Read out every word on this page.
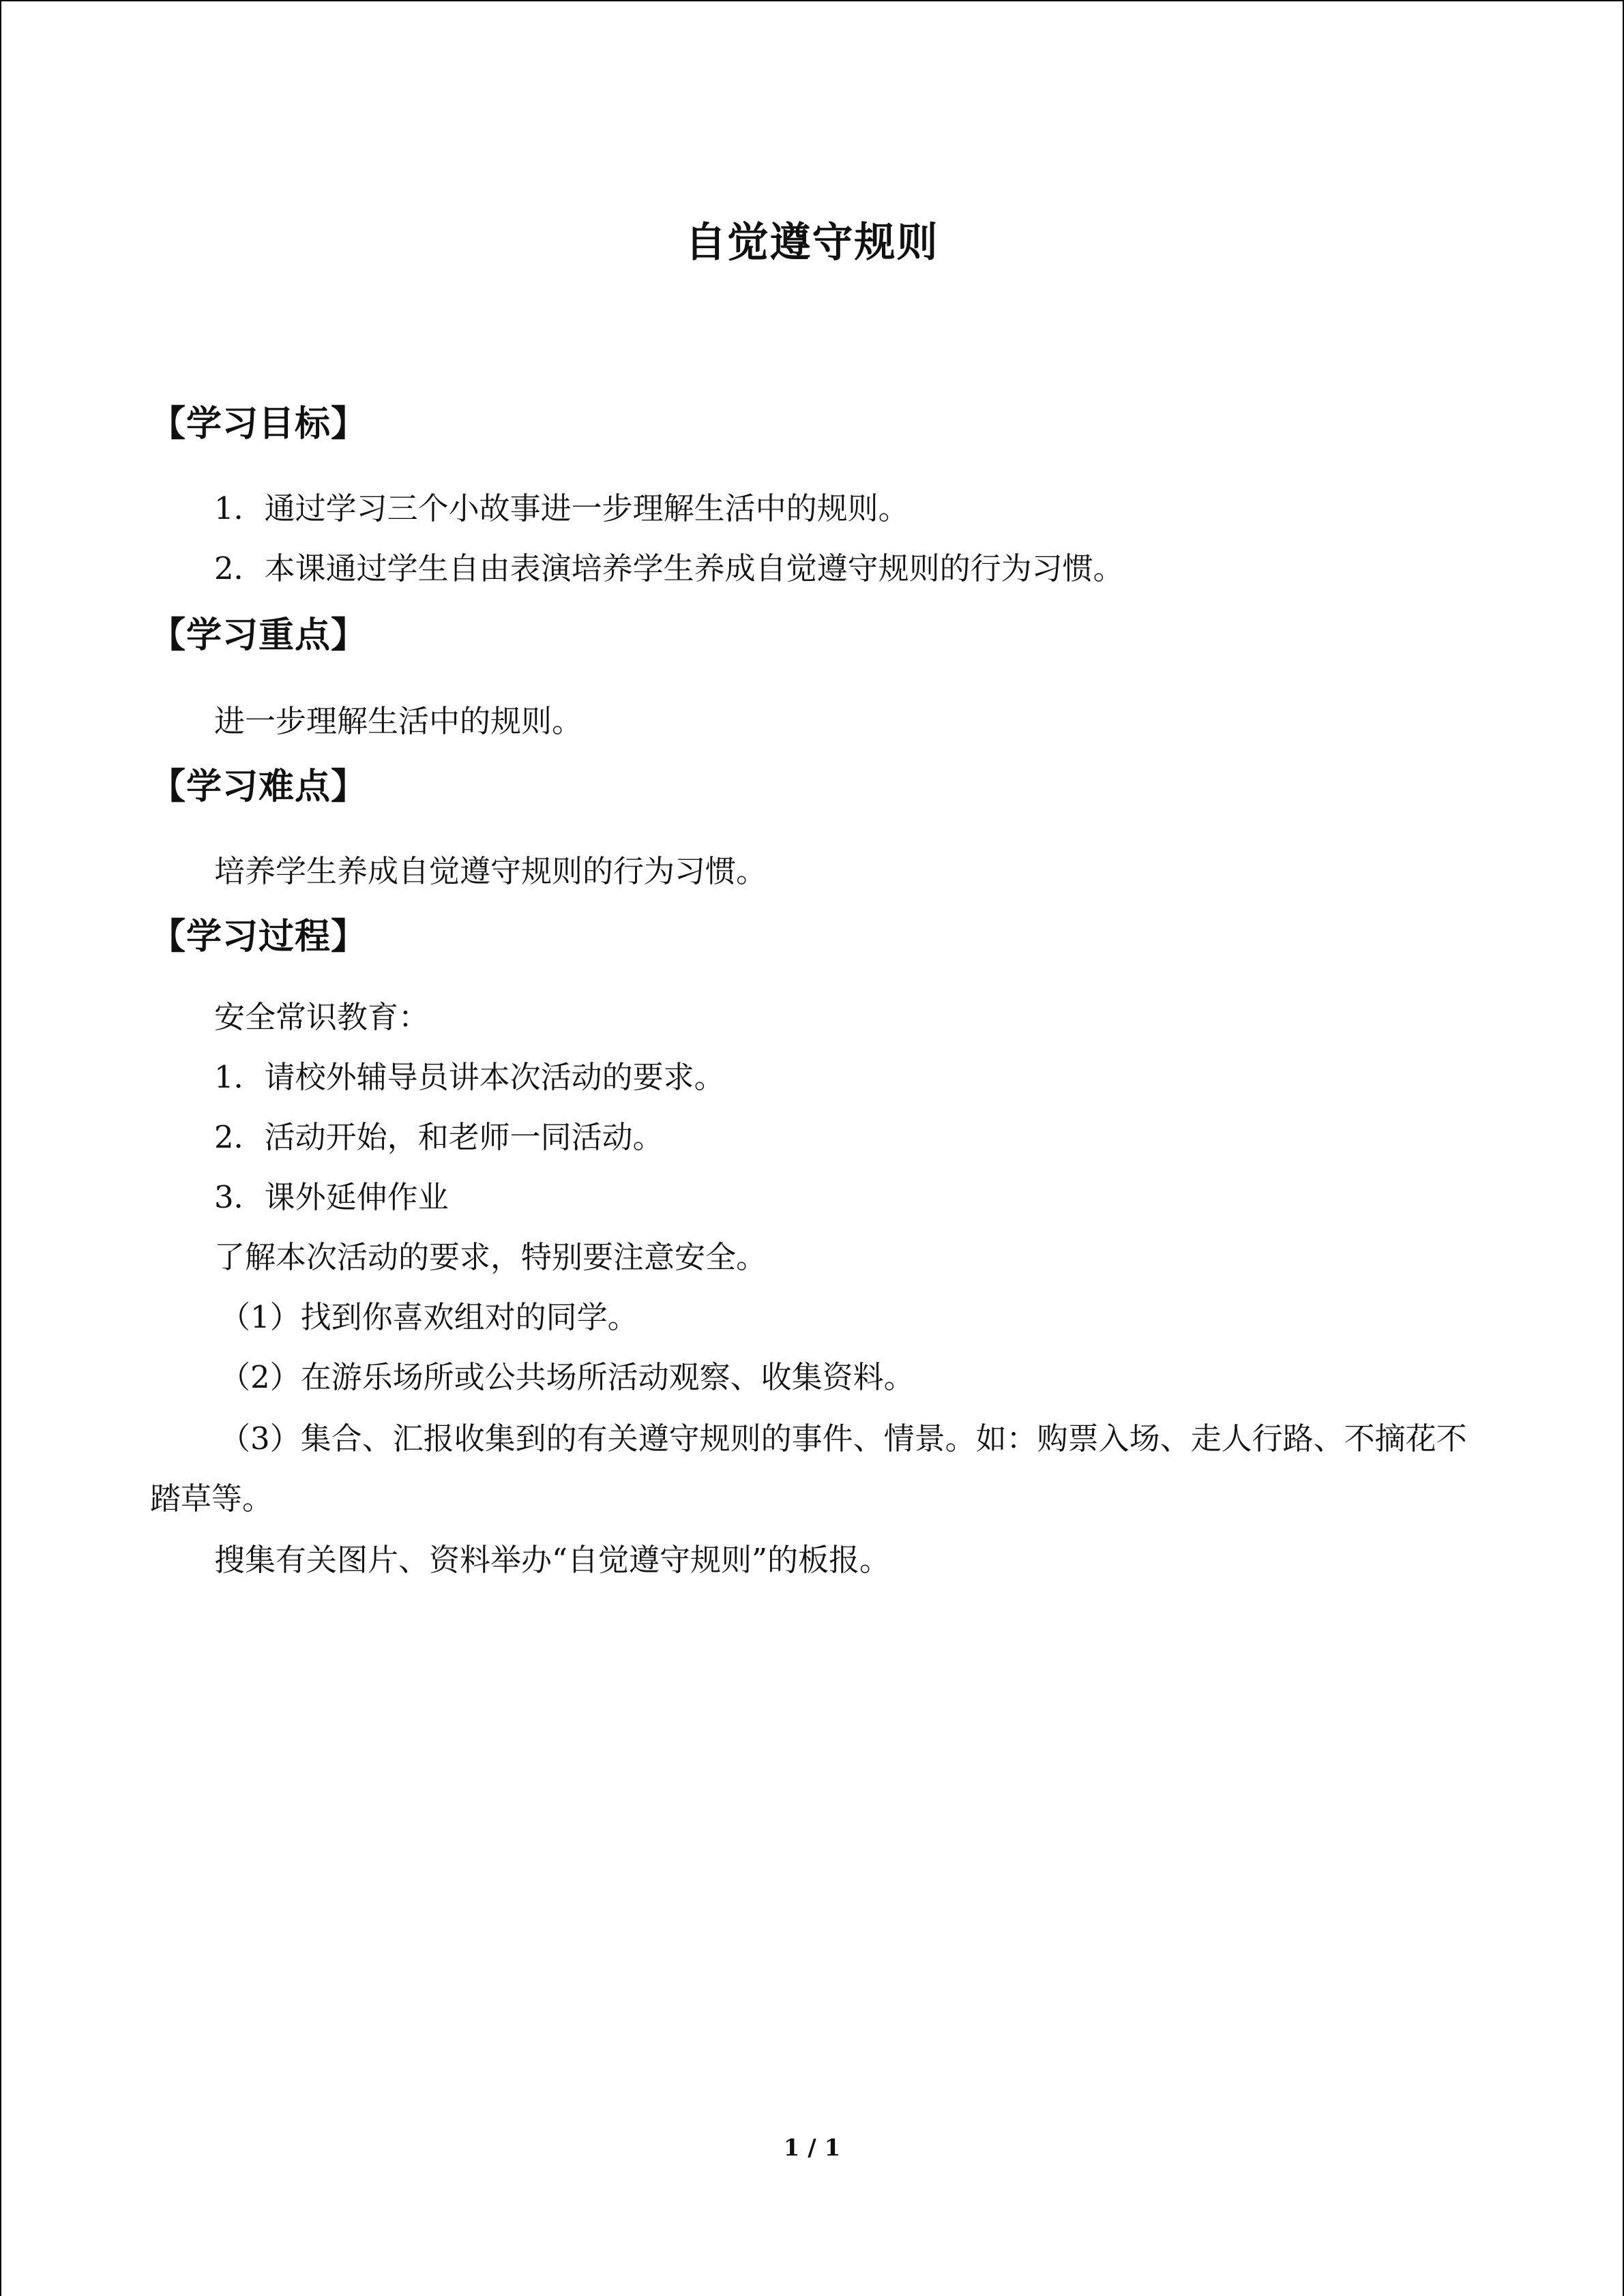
自觉遵守规则
【学习目标】
1．通过学习三个小故事进一步理解生活中的规则。
2．本课通过学生自由表演培养学生养成自觉遵守规则的行为习惯。
【学习重点】
进一步理解生活中的规则。
【学习难点】
培养学生养成自觉遵守规则的行为习惯。
【学习过程】
安全常识教育：
1．请校外辅导员讲本次活动的要求。
2．活动开始，和老师一同活动。
3．课外延伸作业
了解本次活动的要求，特别要注意安全。
（1）找到你喜欢组对的同学。
（2）在游乐场所或公共场所活动观察、收集资料。
（3）集合、汇报收集到的有关遵守规则的事件、情景。如：购票入场、走人行路、不摘花不踏草等。
搜集有关图片、资料举办“自觉遵守规则”的板报。
1 / 1
